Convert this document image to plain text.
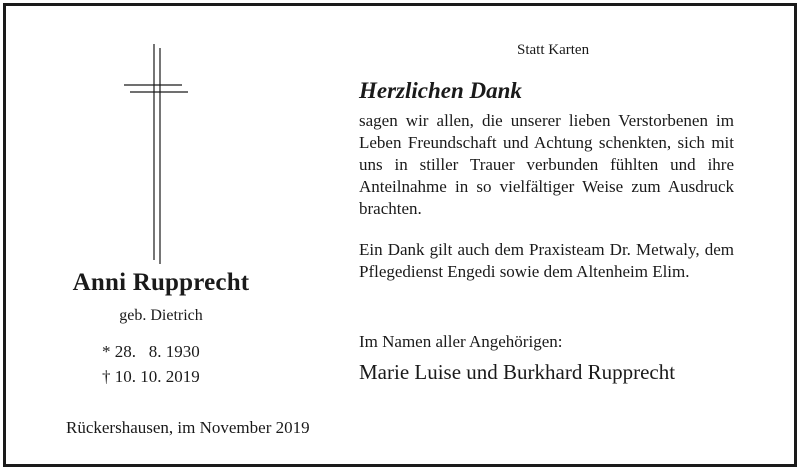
Anni Rupprecht
geb. Dietrich
* 28.   8. 1930
† 10. 10. 2019
Rückershausen, im November 2019
Statt Karten
Herzlichen Dank
sagen wir allen, die unserer lieben Verstorbenen im Leben Freundschaft und Achtung schenkten, sich mit uns in stiller Trauer verbunden fühlten und ihre Anteilnahme in so vielfältiger Weise zum Ausdruck brachten.
Ein Dank gilt auch dem Praxisteam Dr. Metwaly, dem Pflegedienst Engedi sowie dem Altenheim Elim.
Im Namen aller Angehörigen:
Marie Luise und Burkhard Rupprecht
